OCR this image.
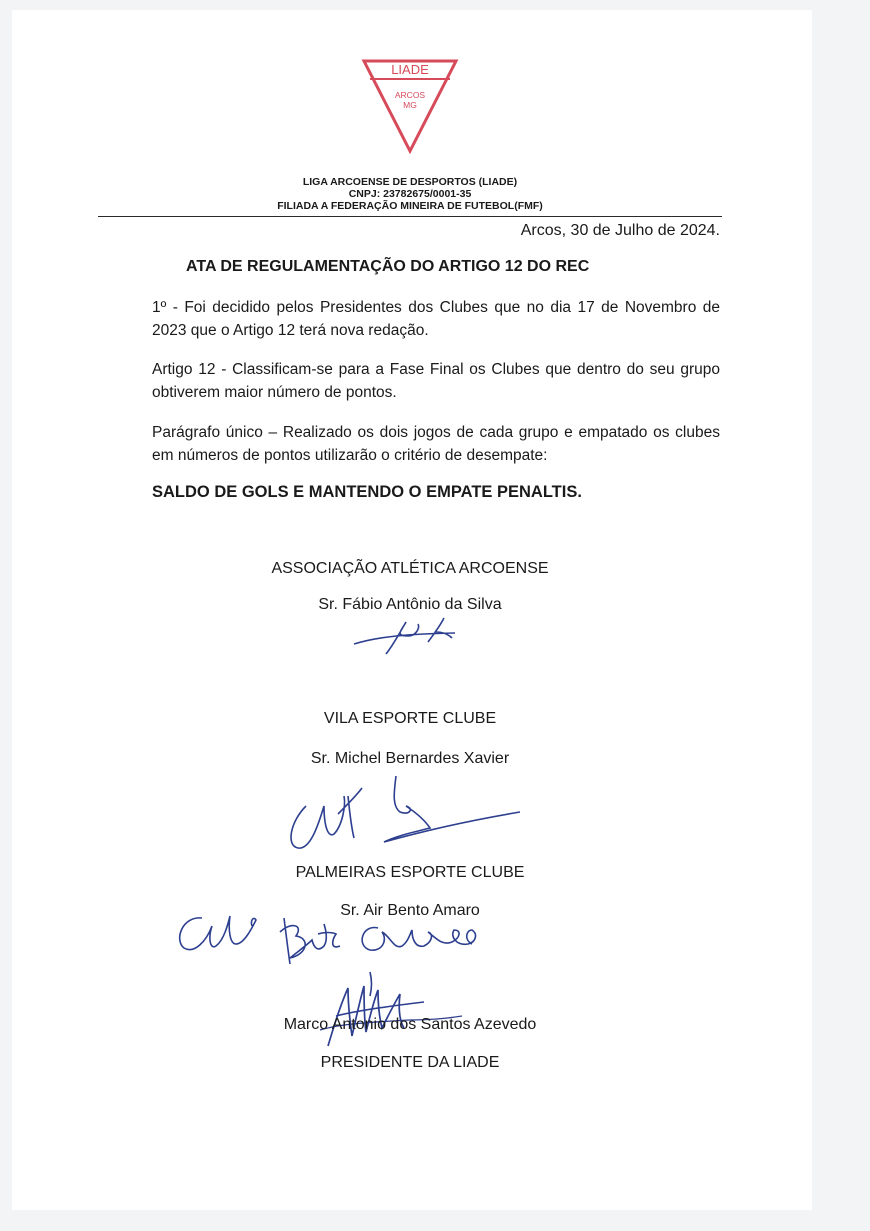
LIADE
ARCOS
MG
LIGA ARCOENSE DE DESPORTOS (LIADE)
CNPJ: 23782675/0001-35
FILIADA A FEDERAÇÃO MINEIRA DE FUTEBOL(FMF)
Arcos, 30 de Julho de 2024.
ATA DE REGULAMENTAÇÃO DO ARTIGO 12 DO REC
1º - Foi decidido pelos Presidentes dos Clubes que no dia 17 de Novembro de 2023 que o Artigo 12 terá nova redação.
Artigo 12 - Classificam-se para a Fase Final os Clubes que dentro do seu grupo obtiverem maior número de pontos.
Parágrafo único – Realizado os dois jogos de cada grupo e empatado os clubes em números de pontos utilizarão o critério de desempate:
SALDO DE GOLS E MANTENDO O EMPATE PENALTIS.
ASSOCIAÇÃO ATLÉTICA ARCOENSE
Sr. Fábio Antônio da Silva
VILA ESPORTE CLUBE
Sr. Michel Bernardes Xavier
PALMEIRAS ESPORTE CLUBE
Sr. Air Bento Amaro
Marco Antonio dos Santos Azevedo
PRESIDENTE DA LIADE
